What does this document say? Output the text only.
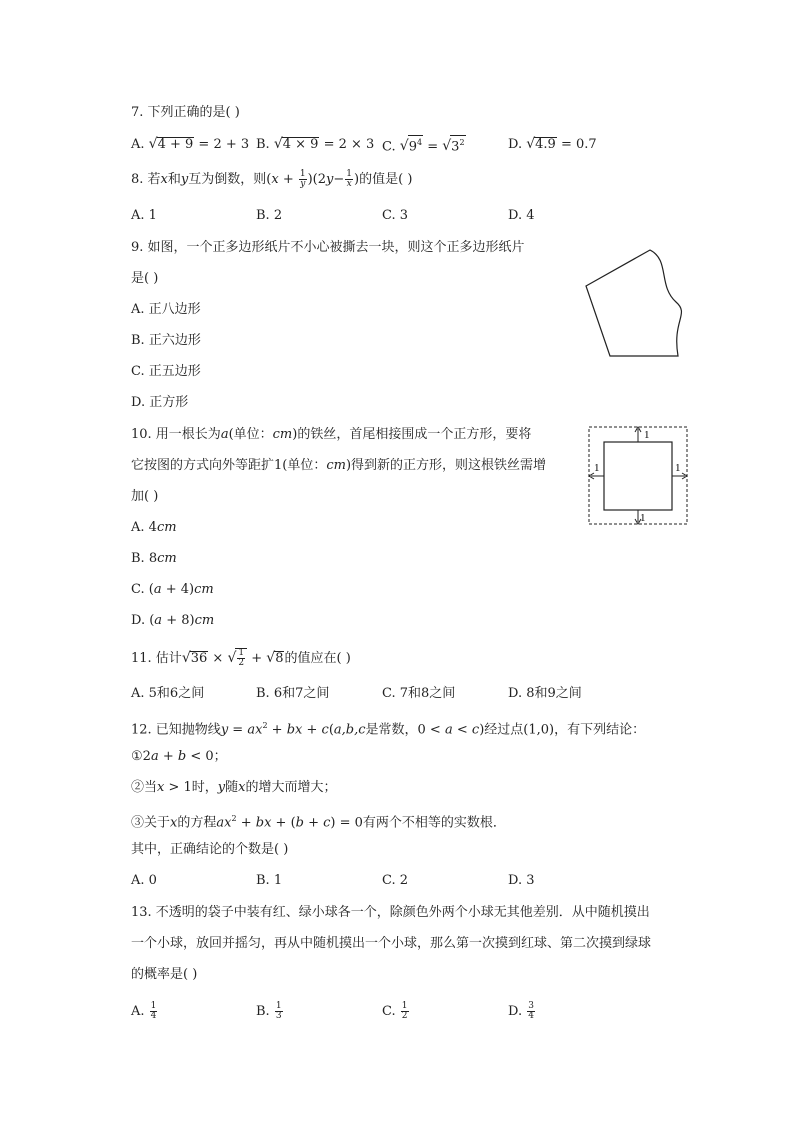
7. 下列正确的是( )
A. √4 + 9 = 2 + 3 B. √4 × 9 = 2 × 3 C. $√9^4 = √3^2$	D. √4.9 = 0.7
8. 若x和y互为倒数，则$(x + \frac{1}{y} )(2y- \frac{1}{x}$ )的值是( )
A. 1	B. 2	C. 3	D. 4
9. 如图，一个正多边形纸片不小心被撕去一块，则这个正多边形纸片
是( )
A. 正八边形
B. 正六边形
C. 正五边形
D. 正方形
10. 用一根长为a(单位：cm)的铁丝，首尾相接围成一个正方形，要将
它按图的方式向外等距扩1(单位：cm)得到新的正方形，则这根铁丝需增
加( )
A. 4cm
B. 8cm
C. (a + 4)cm
D. (a + 8)cm
1
1
1	1
11. 估计√36 × √ $\frac{1}{2} + √8$的值应在( )
A. 5和6之间	B. 6和7之间	C. 7和8之间	D. 8和9之间
12. 已知抛物线$y = ax^2$ + bx + c(a,b,c是常数，0 < a < c)经过点(1,0)，有下列结论：
①2a + b < 0；
②当x > 1时，y随x的增大而增大；
③关于x的方程$ax^2$ + bx + (b + c) = 0有两个不相等的实数根．
其中，正确结论的个数是( )
A. 0	B. 1	C. 2	D. 3
13. 不透明的袋子中装有红、绿小球各一个，除颜色外两个小球无其他差别．从中随机摸出
一个小球，放回并摇匀，再从中随机摸出一个小球，那么第一次摸到红球、第二次摸到绿球
的概率是( )
A. $\frac{1}{4}$	B. $\frac{1}{3}$	C. $\frac{1}{2}$	D. $\frac{3}{4}$
